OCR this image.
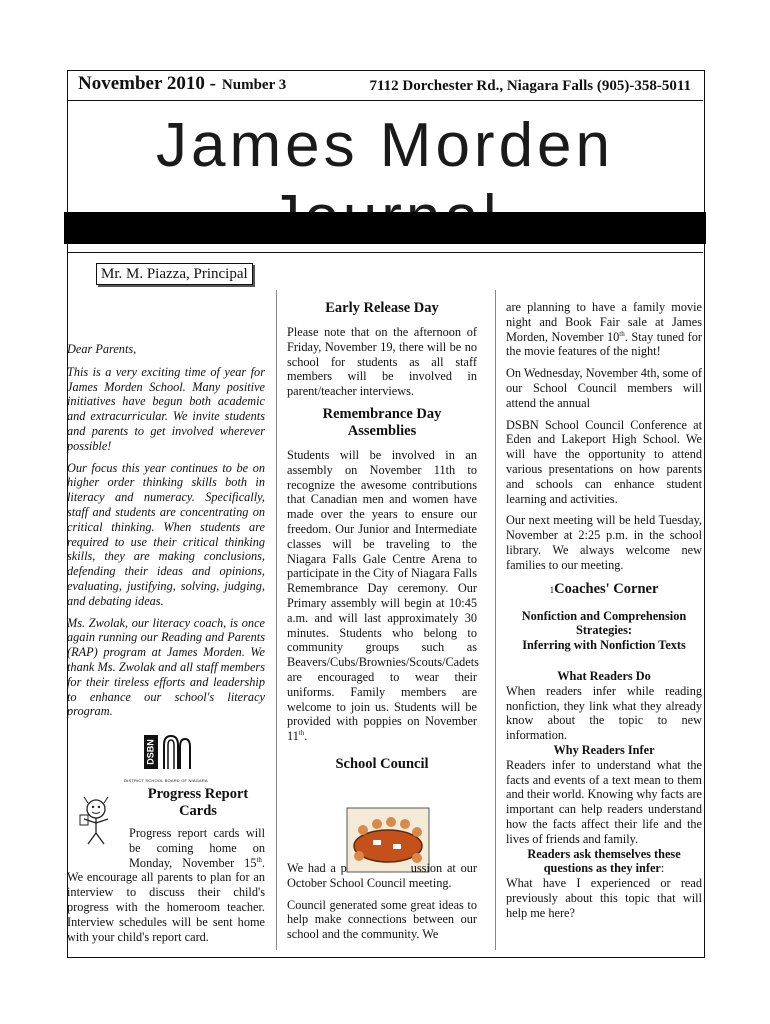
November 2010 - Number 3	7112 Dorchester Rd., Niagara Falls (905)-358-5011
James Morden
Mr. M. Piazza, Principal

Dear Parents,

This is a very exciting time of year for James Morden School. Many positive initiatives have begun both academic and extracurricular. We invite students and parents to get involved wherever possible!

Our focus this year continues to be on higher order thinking skills both in literacy and numeracy. Specifically, staff and students are concentrating on critical thinking. When students are required to use their critical thinking skills, they are making conclusions, defending their ideas and opinions, evaluating, justifying, solving, judging, and debating ideas.

Ms. Zwolak, our literacy coach, is once again running our Reading and Parents (RAP) program at James Morden. We thank Ms. Zwolak and all staff members for their tireless efforts and leadership to enhance our school's literacy program.

DSBN
DISTRICT SCHOOL BOARD OF NIAGARA
Progress Report Cards

Progress report cards will be coming home on Monday, November 15th. We encourage all parents to plan for an interview to discuss their child's progress with the homeroom teacher. Interview schedules will be sent home with your child's report card.

Early Release Day

Please note that on the afternoon of Friday, November 19, there will be no school for students as all staff members will be involved in parent/teacher interviews.

Remembrance Day Assemblies

Students will be involved in an assembly on November 11th to recognize the awesome contributions that Canadian men and women have made over the years to ensure our freedom. Our Junior and Intermediate classes will be traveling to the Niagara Falls Gale Centre Arena to participate in the City of Niagara Falls Remembrance Day ceremony. Our Primary assembly will begin at 10:45 a.m. and will last approximately 30 minutes. Students who belong to community groups such as Beavers/Cubs/Brownies/Scouts/Cadets are encouraged to wear their uniforms. Family members are welcome to join us. Students will be provided with poppies on November 11th.

School Council

We had a p	ussion at our October School Council meeting.

Council generated some great ideas to help make connections between our school and the community. We

are planning to have a family movie night and Book Fair sale at James Morden, November 10th. Stay tuned for the movie features of the night!

On Wednesday, November 4th, some of our School Council members will attend the annual

DSBN School Council Conference at Eden and Lakeport High School. We will have the opportunity to attend various presentations on how parents and schools can enhance student learning and activities.

Our next meeting will be held Tuesday, November at 2:25 p.m. in the school library. We always welcome new families to our meeting.

1Coaches' Corner
Nonfiction and Comprehension Strategies:
Inferring with Nonfiction Texts
What Readers Do

When readers infer while reading nonfiction, they link what they already know about the topic to new information.

Why Readers Infer

Readers infer to understand what the facts and events of a text mean to them and their world. Knowing why facts are important can help readers understand how the facts affect their life and the lives of friends and family.

Readers ask themselves these questions as they infer:

What have I experienced or read previously about this topic that will help me here?
